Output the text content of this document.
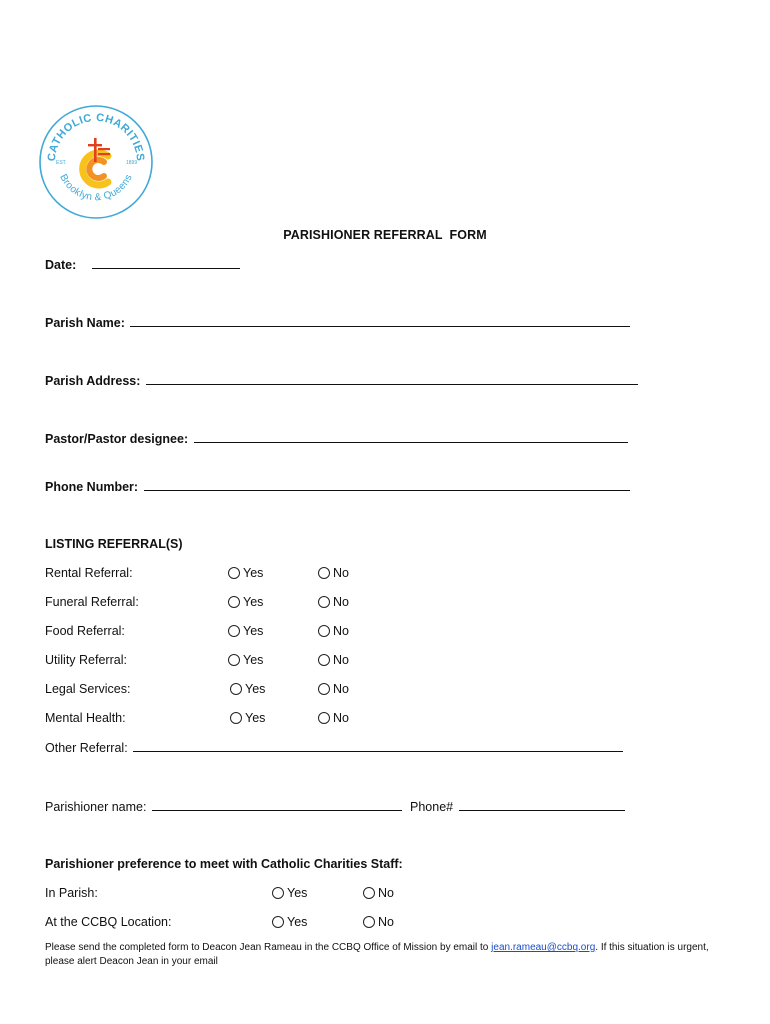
CATHOLIC CHARITIES
Brooklyn & Queens
EST.	1899
PARISHIONER REFERRAL  FORM
Date:
Parish Name:
Parish Address:
Pastor/Pastor designee:
Phone Number:
LISTING REFERRAL(S)
Rental Referral:	Yes	No
Funeral Referral:	Yes	No
Food Referral:	Yes	No
Utility Referral:	Yes	No
Legal Services:	Yes	No
Mental Health:	Yes	No
Other Referral:
Parishioner name:	Phone#
Parishioner preference to meet with Catholic Charities Staff:
In Parish:	Yes	No
At the CCBQ Location:	Yes	No
Please send the completed form to Deacon Jean Rameau in the CCBQ Office of Mission by email to jean.rameau@ccbq.org. If this situation is urgent, please alert Deacon Jean in your email
